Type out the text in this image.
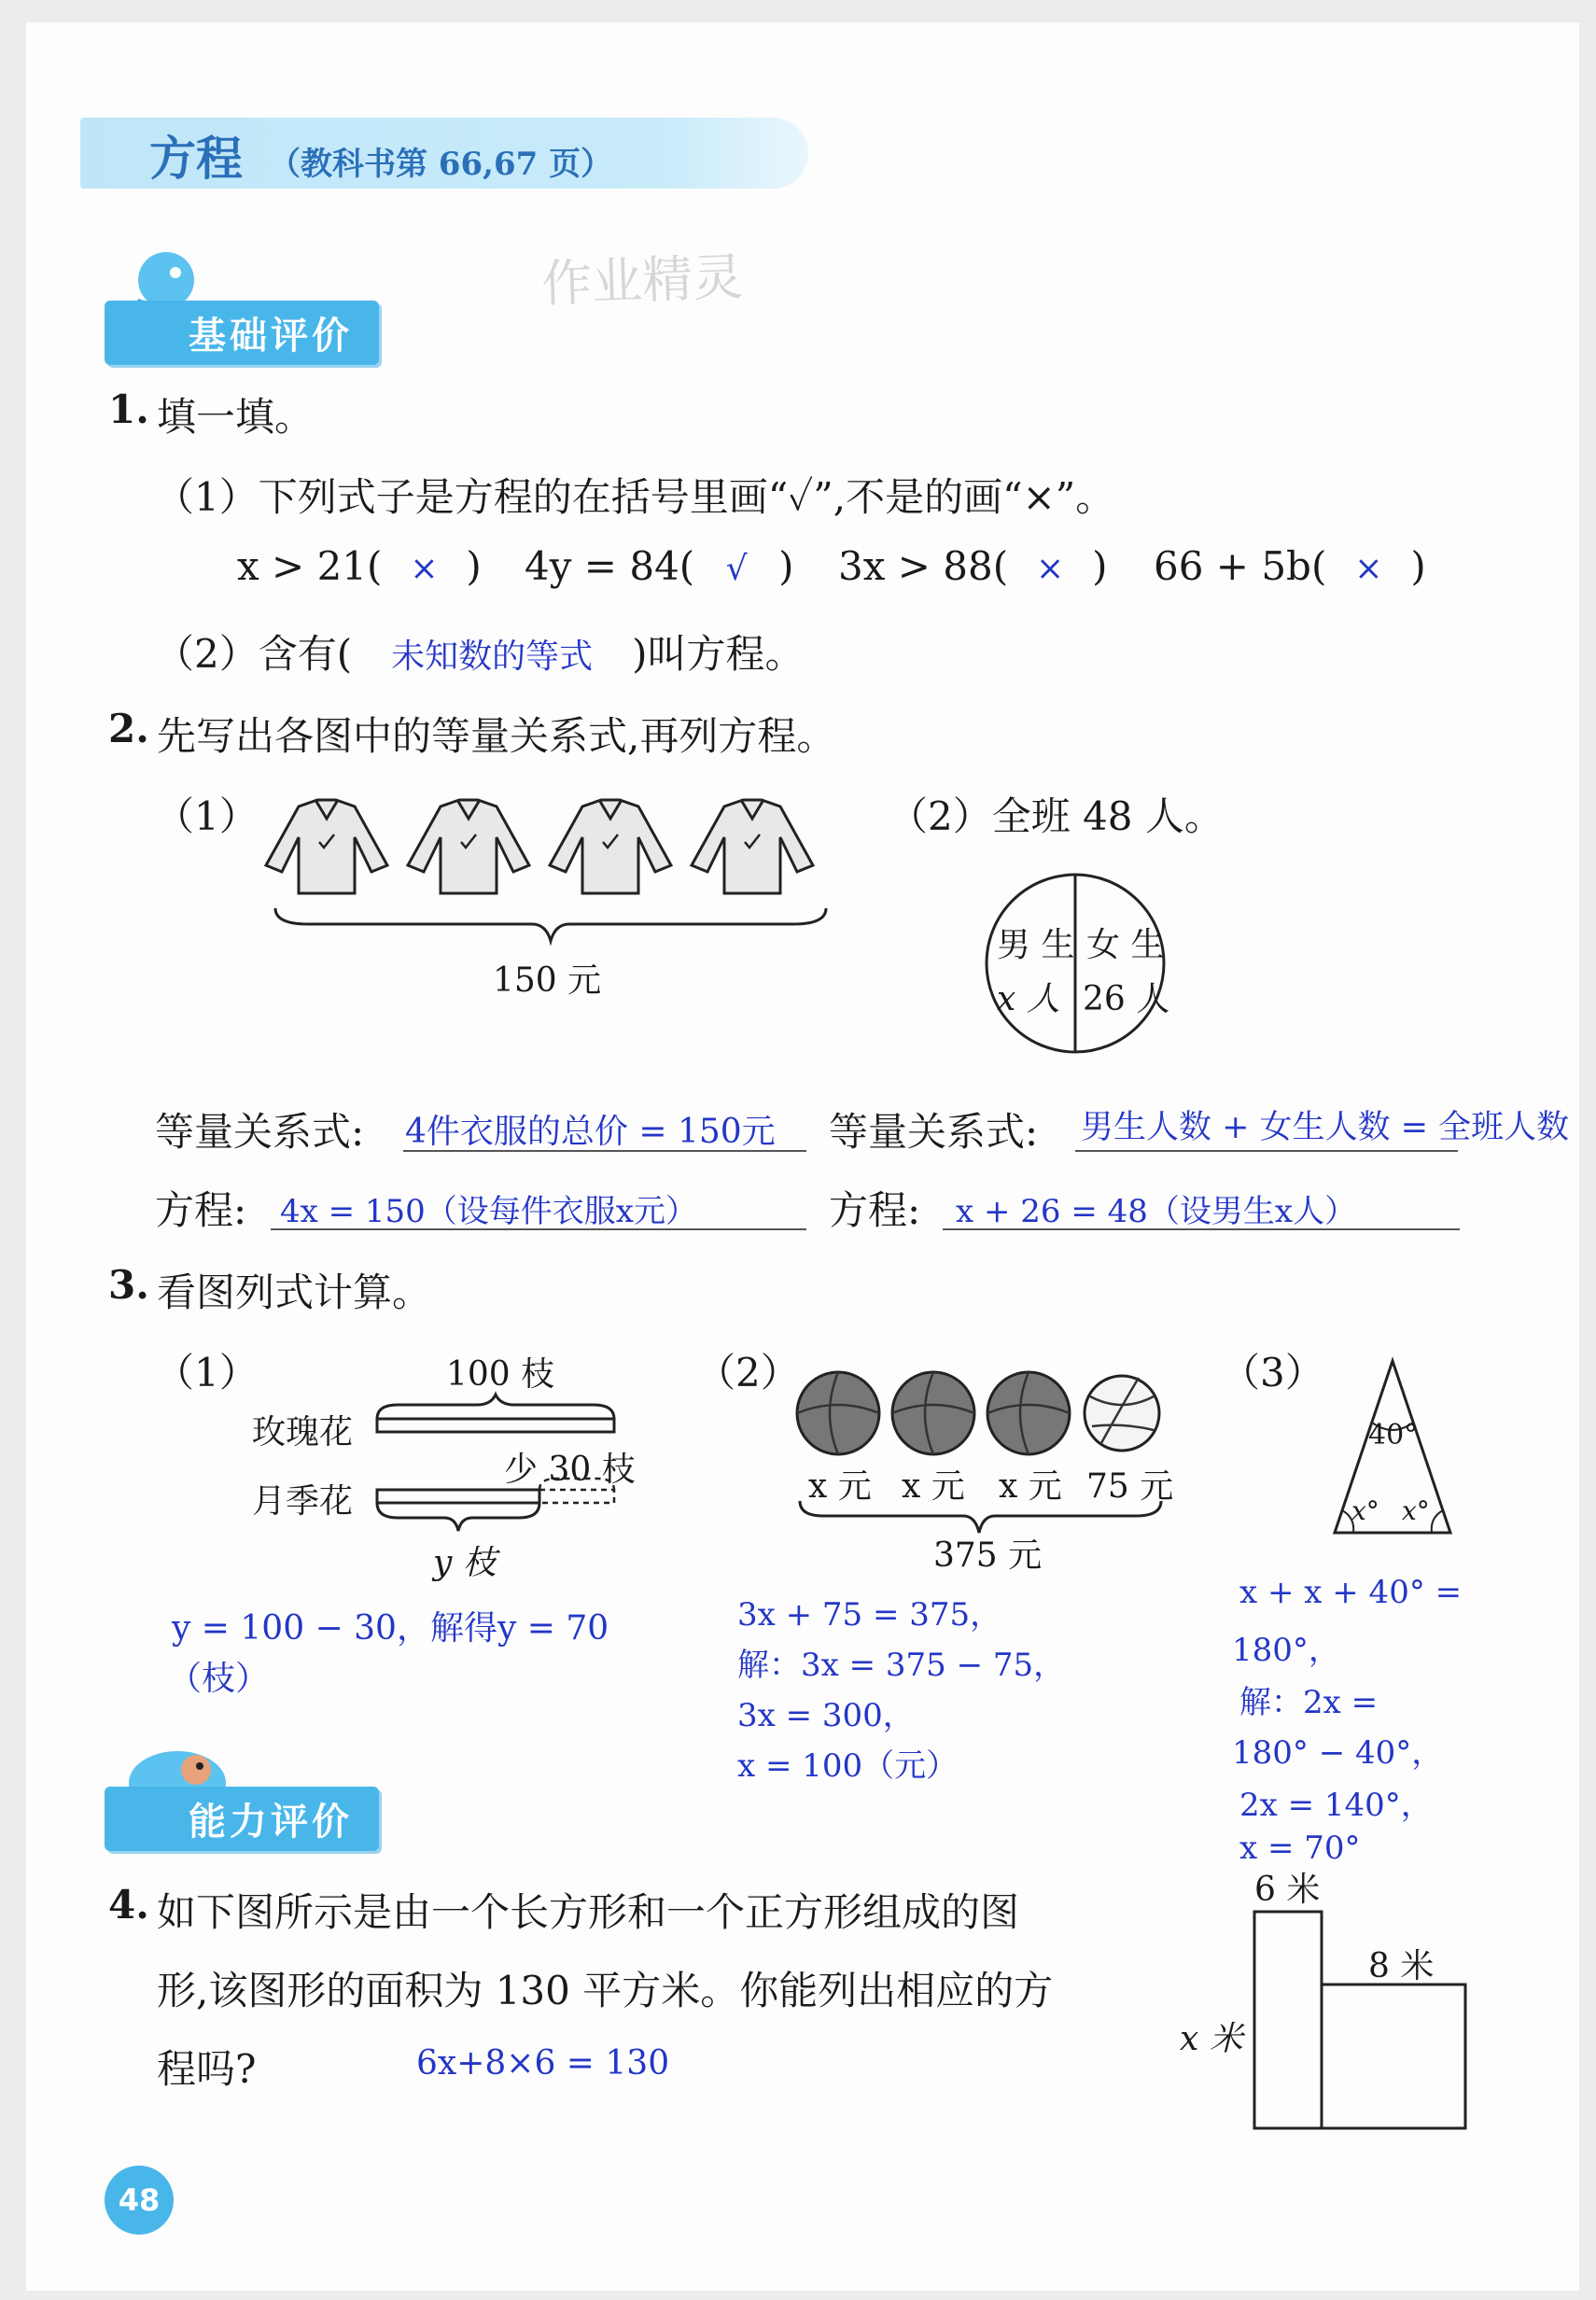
方程 （教科书第 66,67 页）
作业精灵
基础评价
1. 填一填。
（1）下列式子是方程的在括号里画“✓”,不是的画“×”。
x > 21( × ) 4y = 84( √ ) 3x > 88( × ) 66 + 5b( × )
（2）含有( 未知数的等式 )叫方程。
2. 先写出各图中的等量关系式,再列方程。
（1）
150 元
（2）全班 48 人。
男 生
x 人
女 生
26 人
等量关系式: 4件衣服的总价 = 150元
方程: 4x = 150（设每件衣服x元）
等量关系式: 男生人数 + 女生人数 = 全班人数
方程: x + 26 = 48（设男生x人）
3. 看图列式计算。
（1）	100 枝
玫瑰花
月季花
少 30 枝
y 枝
y = 100 − 30，解得y = 70
（枝）
（2）
x 元 x 元 x 元 75 元
375 元
3x + 75 = 375，
解：3x = 375 − 75，
3x = 300，
x = 100（元）
（3）
40°
x° x°
x + x + 40° =
180°，
解：2x =
180° − 40°，
2x = 140°，
x = 70°
能力评价
4. 如下图所示是由一个长方形和一个正方形组成的图
形,该图形的面积为 130 平方米。你能列出相应的方
程吗?	6x+8×6 = 130
6 米
8 米
x 米
48
